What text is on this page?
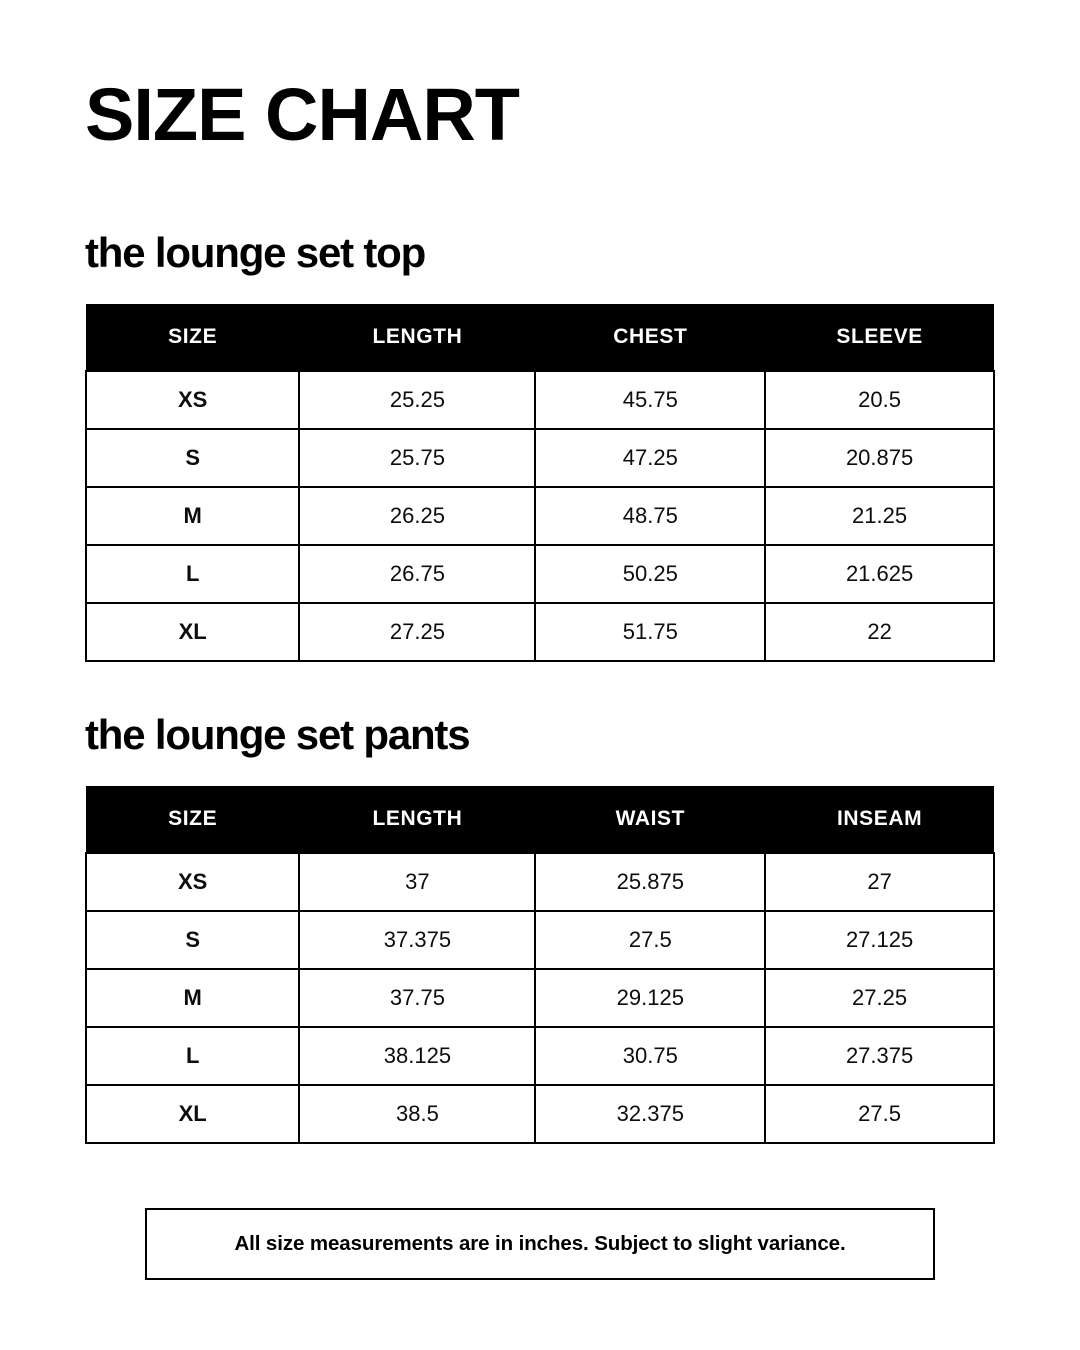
SIZE CHART
the lounge set top
SIZE	LENGTH	CHEST	SLEEVE
XS	25.25	45.75	20.5
S	25.75	47.25	20.875
M	26.25	48.75	21.25
L	26.75	50.25	21.625
XL	27.25	51.75	22
the lounge set pants
SIZE	LENGTH	WAIST	INSEAM
XS	37	25.875	27
S	37.375	27.5	27.125
M	37.75	29.125	27.25
L	38.125	30.75	27.375
XL	38.5	32.375	27.5
All size measurements are in inches. Subject to slight variance.
